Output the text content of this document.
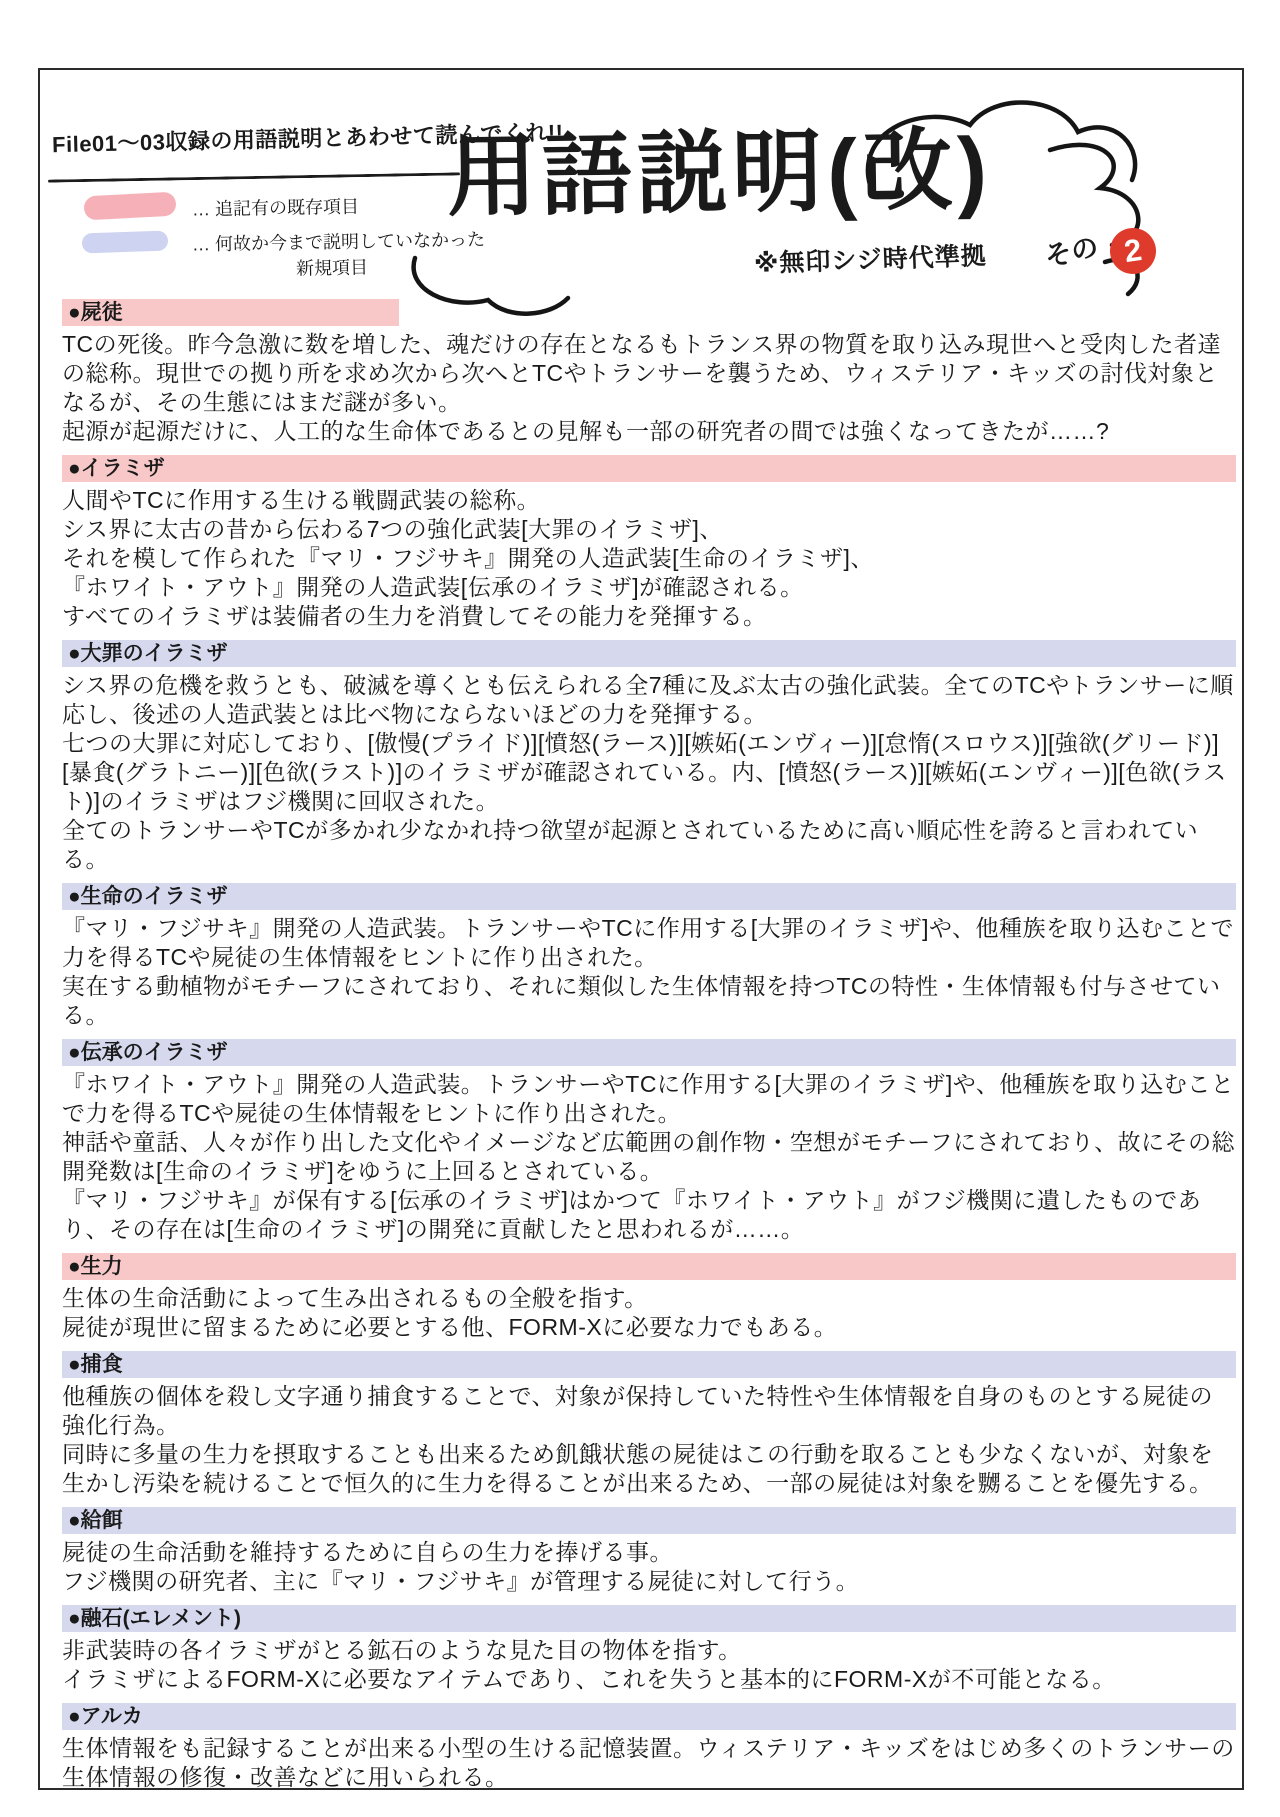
File01〜03収録の用語説明とあわせて読んでくれ!!
… 追記有の既存項目
… 何故か今まで説明していなかった
新規項目
用語説明(改)
その 2
※無印シジ時代準拠
●屍徒
TCの死後。昨今急激に数を増した、魂だけの存在となるもトランス界の物質を取り込み現世へと受肉した者達の総称。現世での拠り所を求め次から次へとTCやトランサーを襲うため、ウィステリア・キッズの討伐対象となるが、その生態にはまだ謎が多い。
起源が起源だけに、人工的な生命体であるとの見解も一部の研究者の間では強くなってきたが……?
●イラミザ
人間やTCに作用する生ける戦闘武装の総称。
シス界に太古の昔から伝わる7つの強化武装[大罪のイラミザ]、
それを模して作られた『マリ・フジサキ』開発の人造武装[生命のイラミザ]、
『ホワイト・アウト』開発の人造武装[伝承のイラミザ]が確認される。
すべてのイラミザは装備者の生力を消費してその能力を発揮する。
●大罪のイラミザ
シス界の危機を救うとも、破滅を導くとも伝えられる全7種に及ぶ太古の強化武装。全てのTCやトランサーに順応し、後述の人造武装とは比べ物にならないほどの力を発揮する。
七つの大罪に対応しており、[傲慢(プライド)][憤怒(ラース)][嫉妬(エンヴィー)][怠惰(スロウス)][強欲(グリード)][暴食(グラトニー)][色欲(ラスト)]のイラミザが確認されている。内、[憤怒(ラース)][嫉妬(エンヴィー)][色欲(ラスト)]のイラミザはフジ機関に回収された。
全てのトランサーやTCが多かれ少なかれ持つ欲望が起源とされているために高い順応性を誇ると言われている。
●生命のイラミザ
『マリ・フジサキ』開発の人造武装。トランサーやTCに作用する[大罪のイラミザ]や、他種族を取り込むことで力を得るTCや屍徒の生体情報をヒントに作り出された。
実在する動植物がモチーフにされており、それに類似した生体情報を持つTCの特性・生体情報も付与させている。
●伝承のイラミザ
『ホワイト・アウト』開発の人造武装。トランサーやTCに作用する[大罪のイラミザ]や、他種族を取り込むことで力を得るTCや屍徒の生体情報をヒントに作り出された。
神話や童話、人々が作り出した文化やイメージなど広範囲の創作物・空想がモチーフにされており、故にその総開発数は[生命のイラミザ]をゆうに上回るとされている。
『マリ・フジサキ』が保有する[伝承のイラミザ]はかつて『ホワイト・アウト』がフジ機関に遺したものであり、その存在は[生命のイラミザ]の開発に貢献したと思われるが……。
●生力
生体の生命活動によって生み出されるもの全般を指す。
屍徒が現世に留まるために必要とする他、FORM-Xに必要な力でもある。
●捕食
他種族の個体を殺し文字通り捕食することで、対象が保持していた特性や生体情報を自身のものとする屍徒の強化行為。
同時に多量の生力を摂取することも出来るため飢餓状態の屍徒はこの行動を取ることも少なくないが、対象を生かし汚染を続けることで恒久的に生力を得ることが出来るため、一部の屍徒は対象を嬲ることを優先する。
●給餌
屍徒の生命活動を維持するために自らの生力を捧げる事。
フジ機関の研究者、主に『マリ・フジサキ』が管理する屍徒に対して行う。
●融石(エレメント)
非武装時の各イラミザがとる鉱石のような見た目の物体を指す。
イラミザによるFORM-Xに必要なアイテムであり、これを失うと基本的にFORM-Xが不可能となる。
●アルカ
生体情報をも記録することが出来る小型の生ける記憶装置。ウィステリア・キッズをはじめ多くのトランサーの生体情報の修復・改善などに用いられる。
